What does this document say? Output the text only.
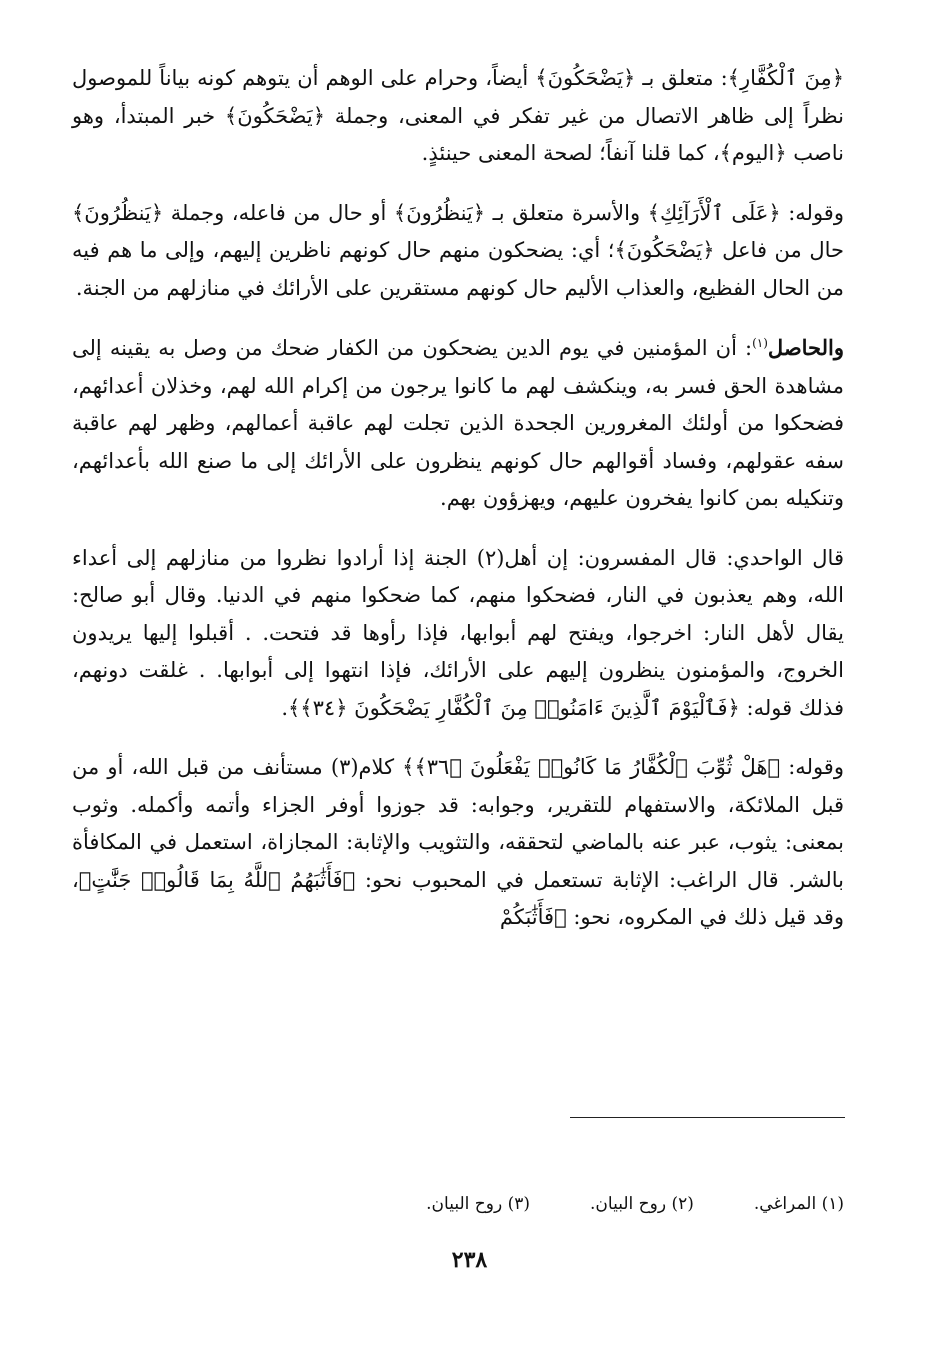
﴿مِنَ ٱلْكُفَّارِ﴾: متعلق بـ ﴿يَضْحَكُونَ﴾ أيضاً، وحرام على الوهم أن يتوهم كونه بياناً للموصول نظراً إلى ظاهر الاتصال من غير تفكر في المعنى، وجملة ﴿يَضْحَكُونَ﴾ خبر المبتدأ، وهو ناصب ﴿اليوم﴾، كما قلنا آنفاً؛ لصحة المعنى حينئذٍ.

وقوله: ﴿عَلَى ٱلْأَرَآئِكِ﴾ والأسرة متعلق بـ ﴿يَنظُرُونَ﴾ أو حال من فاعله، وجملة ﴿يَنظُرُونَ﴾ حال من فاعل ﴿يَضْحَكُونَ﴾؛ أي: يضحكون منهم حال كونهم ناظرين إليهم، وإلى ما هم فيه من الحال الفظيع، والعذاب الأليم حال كونهم مستقرين على الأرائك في منازلهم من الجنة.

والحاصل$^{(١)}$: أن المؤمنين في يوم الدين يضحكون من الكفار ضحك من وصل به يقينه إلى مشاهدة الحق فسر به، وينكشف لهم ما كانوا يرجون من إكرام الله لهم، وخذلان أعدائهم، فضحكوا من أولئك المغرورين الجحدة الذين تجلت لهم عاقبة أعمالهم، وظهر لهم عاقبة سفه عقولهم، وفساد أقوالهم حال كونهم ينظرون على الأرائك إلى ما صنع الله بأعدائهم، وتنكيله بمن كانوا يفخرون عليهم، ويهزؤون بهم.

قال الواحدي: قال المفسرون: إن أهل(٢) الجنة إذا أرادوا نظروا من منازلهم إلى أعداء الله، وهم يعذبون في النار، فضحكوا منهم، كما ضحكوا منهم في الدنيا. وقال أبو صالح: يقال لأهل النار: اخرجوا، ويفتح لهم أبوابها، فإذا رأوها قد فتحت. . أقبلوا إليها يريدون الخروج، والمؤمنون ينظرون إليهم على الأرائك، فإذا انتهوا إلى أبوابها. . غلقت دونهم، فذلك قوله: ﴿فَٱلْيَوْمَ ٱلَّذِينَ ءَامَنُوا۟ مِنَ ٱلْكُفَّارِ يَضْحَكُونَ ﴿٣٤﴾﴾.

وقوله: ﴿هَلْ ثُوِّبَ ٱلْكُفَّارُ مَا كَانُوا۟ يَفْعَلُونَ ﴿٣٦﴾﴾ كلام(٣) مستأنف من قبل الله، أو من قبل الملائكة، والاستفهام للتقرير، وجوابه: قد جوزوا أوفر الجزاء وأتمه وأكمله. وثوب بمعنى: يثوب، عبر عنه بالماضي لتحققه، والتثويب والإثابة: المجازاة، استعمل في المكافأة بالشر. قال الراغب: الإثابة تستعمل في المحبوب نحو: ﴿فَأَثَٰبَهُمُ ٱللَّهُ بِمَا قَالُوا۟ جَنَّٰتٍ﴾، وقد قيل ذلك في المكروه، نحو: ﴿فَأَثَٰبَكُمْ

(١) المراغي.
(٢) روح البيان.
(٣) روح البيان.
٢٣٨
